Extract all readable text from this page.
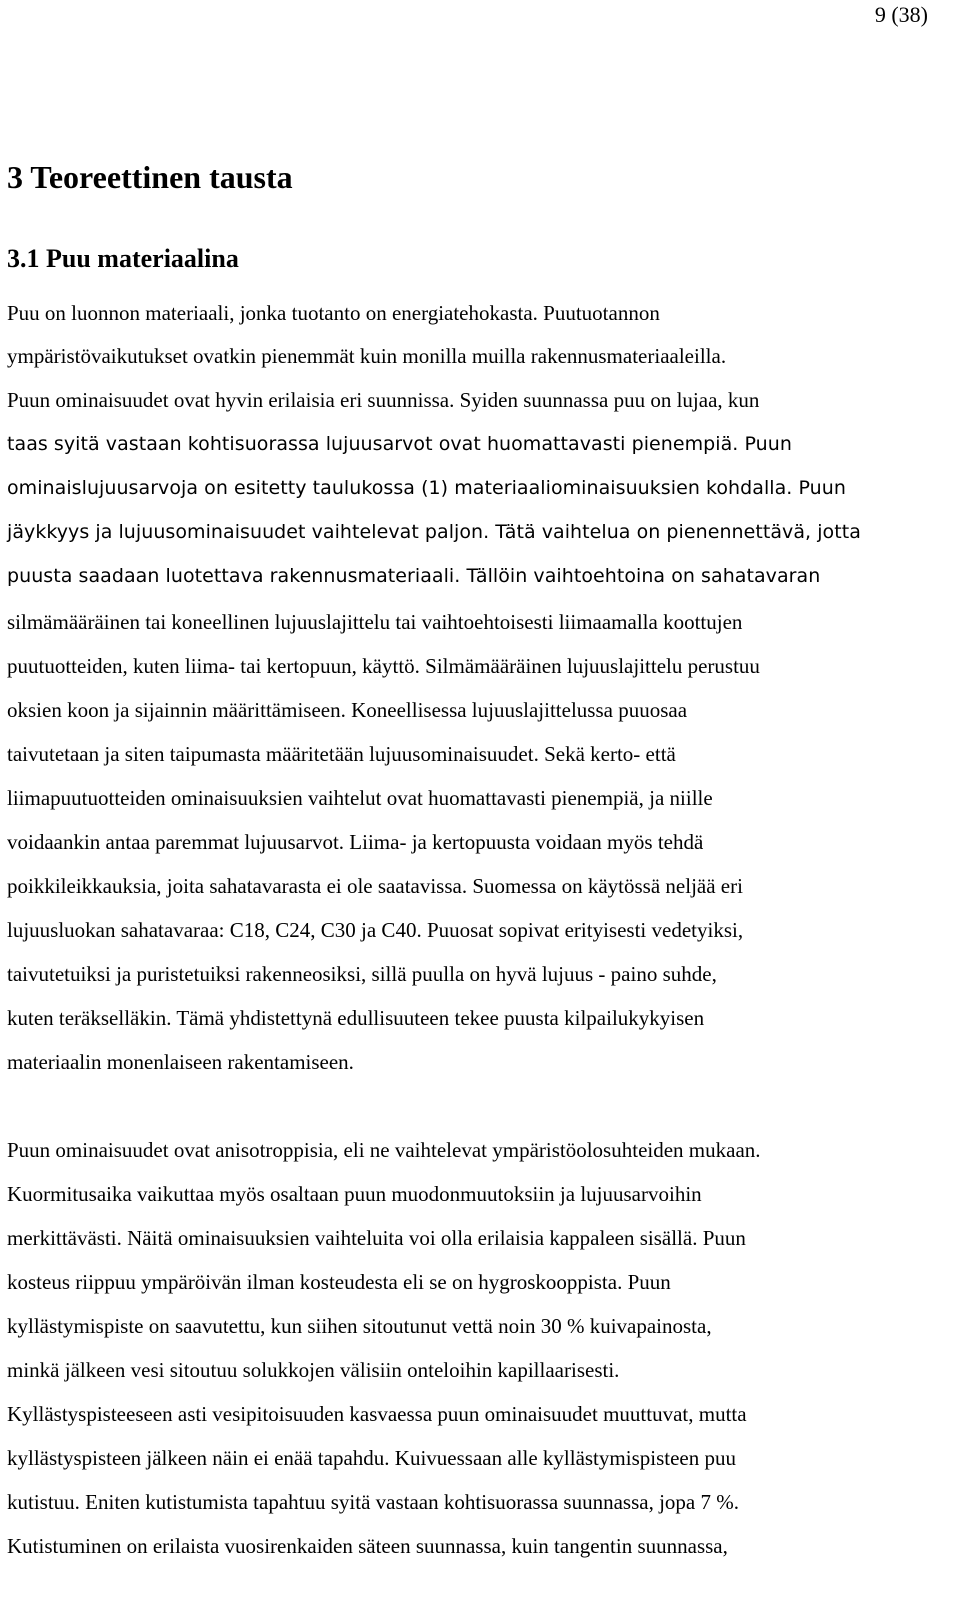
9 (38)
3 Teoreettinen tausta
3.1 Puu materiaalina
Puu on luonnon materiaali, jonka tuotanto on energiatehokasta. Puutuotannon
ympäristövaikutukset ovatkin pienemmät kuin monilla muilla rakennusmateriaaleilla.
Puun ominaisuudet ovat hyvin erilaisia eri suunnissa. Syiden suunnassa puu on lujaa, kun
taas syitä vastaan kohtisuorassa lujuusarvot ovat huomattavasti pienempiä. Puun
ominaislujuusarvoja on esitetty taulukossa (1) materiaaliominaisuuksien kohdalla. Puun
jäykkyys ja lujuusominaisuudet vaihtelevat paljon. Tätä vaihtelua on pienennettävä, jotta
puusta saadaan luotettava rakennusmateriaali. Tällöin vaihtoehtoina on sahatavaran
silmämääräinen tai koneellinen lujuuslajittelu tai vaihtoehtoisesti liimaamalla koottujen
puutuotteiden, kuten liima- tai kertopuun, käyttö. Silmämääräinen lujuuslajittelu perustuu
oksien koon ja sijainnin määrittämiseen. Koneellisessa lujuuslajittelussa puuosaa
taivutetaan ja siten taipumasta määritetään lujuusominaisuudet. Sekä kerto- että
liimapuutuotteiden ominaisuuksien vaihtelut ovat huomattavasti pienempiä, ja niille
voidaankin antaa paremmat lujuusarvot. Liima- ja kertopuusta voidaan myös tehdä
poikkileikkauksia, joita sahatavarasta ei ole saatavissa. Suomessa on käytössä neljää eri
lujuusluokan sahatavaraa: C18, C24, C30 ja C40. Puuosat sopivat erityisesti vedetyiksi,
taivutetuiksi ja puristetuiksi rakenneosiksi, sillä puulla on hyvä lujuus - paino suhde,
kuten teräkselläkin. Tämä yhdistettynä edullisuuteen tekee puusta kilpailukykyisen
materiaalin monenlaiseen rakentamiseen.
Puun ominaisuudet ovat anisotroppisia, eli ne vaihtelevat ympäristöolosuhteiden mukaan.
Kuormitusaika vaikuttaa myös osaltaan puun muodonmuutoksiin ja lujuusarvoihin
merkittävästi. Näitä ominaisuuksien vaihteluita voi olla erilaisia kappaleen sisällä. Puun
kosteus riippuu ympäröivän ilman kosteudesta eli se on hygroskooppista. Puun
kyllästymispiste on saavutettu, kun siihen sitoutunut vettä noin 30 % kuivapainosta,
minkä jälkeen vesi sitoutuu solukkojen välisiin onteloihin kapillaarisesti.
Kyllästyspisteeseen asti vesipitoisuuden kasvaessa puun ominaisuudet muuttuvat, mutta
kyllästyspisteen jälkeen näin ei enää tapahdu. Kuivuessaan alle kyllästymispisteen puu
kutistuu. Eniten kutistumista tapahtuu syitä vastaan kohtisuorassa suunnassa, jopa 7 %.
Kutistuminen on erilaista vuosirenkaiden säteen suunnassa, kuin tangentin suunnassa,
